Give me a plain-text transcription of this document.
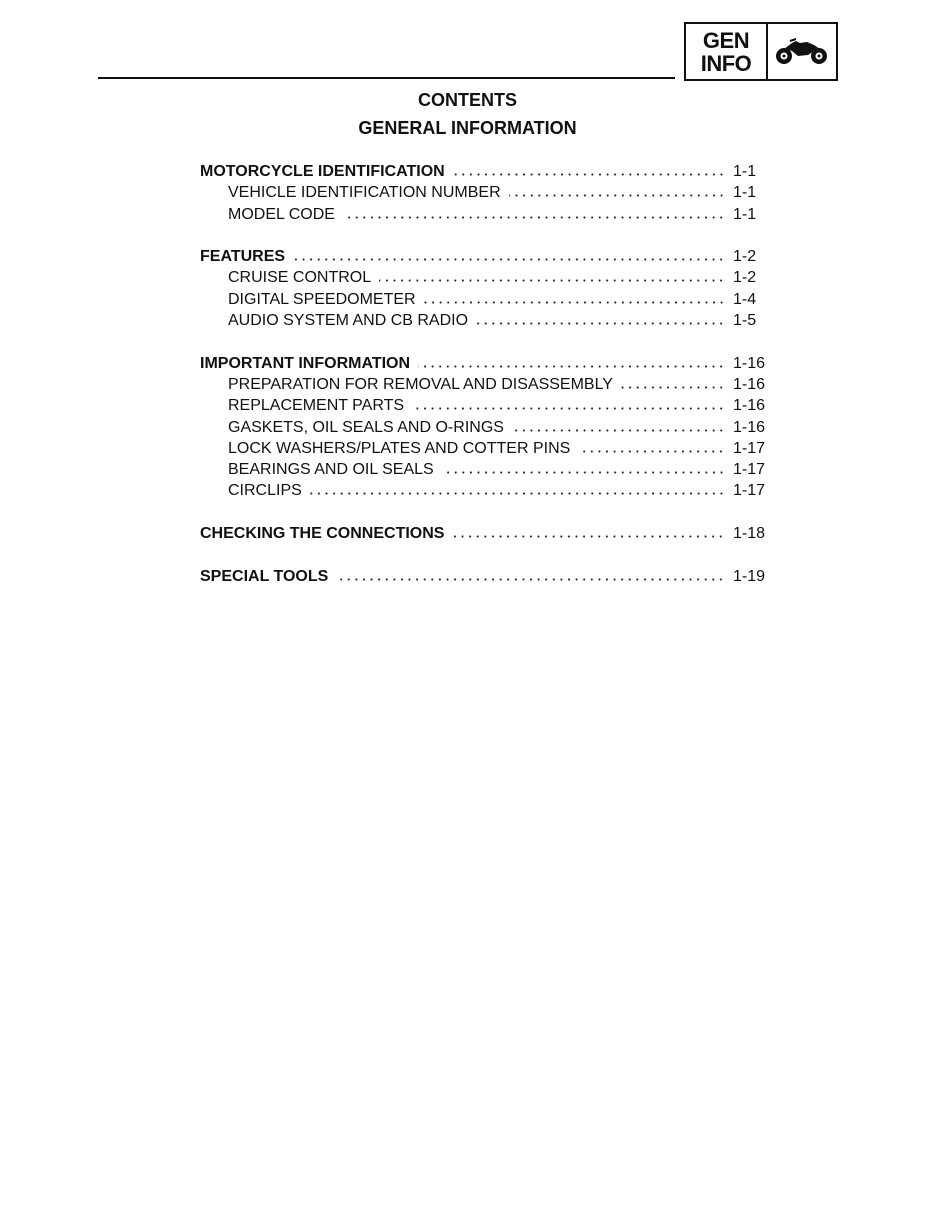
GEN
INFO
CONTENTS
GENERAL INFORMATION
MOTORCYCLE IDENTIFICATION	1-1
VEHICLE IDENTIFICATION NUMBER	1-1
MODEL CODE	1-1
FEATURES	1-2
CRUISE CONTROL	1-2
DIGITAL SPEEDOMETER	1-4
AUDIO SYSTEM AND CB RADIO	1-5
IMPORTANT INFORMATION	1-16
PREPARATION FOR REMOVAL AND DISASSEMBLY	1-16
REPLACEMENT PARTS	1-16
GASKETS, OIL SEALS AND O-RINGS	1-16
LOCK WASHERS/PLATES AND COTTER PINS	1-17
BEARINGS AND OIL SEALS	1-17
CIRCLIPS	1-17
CHECKING THE CONNECTIONS	1-18
SPECIAL TOOLS	1-19
